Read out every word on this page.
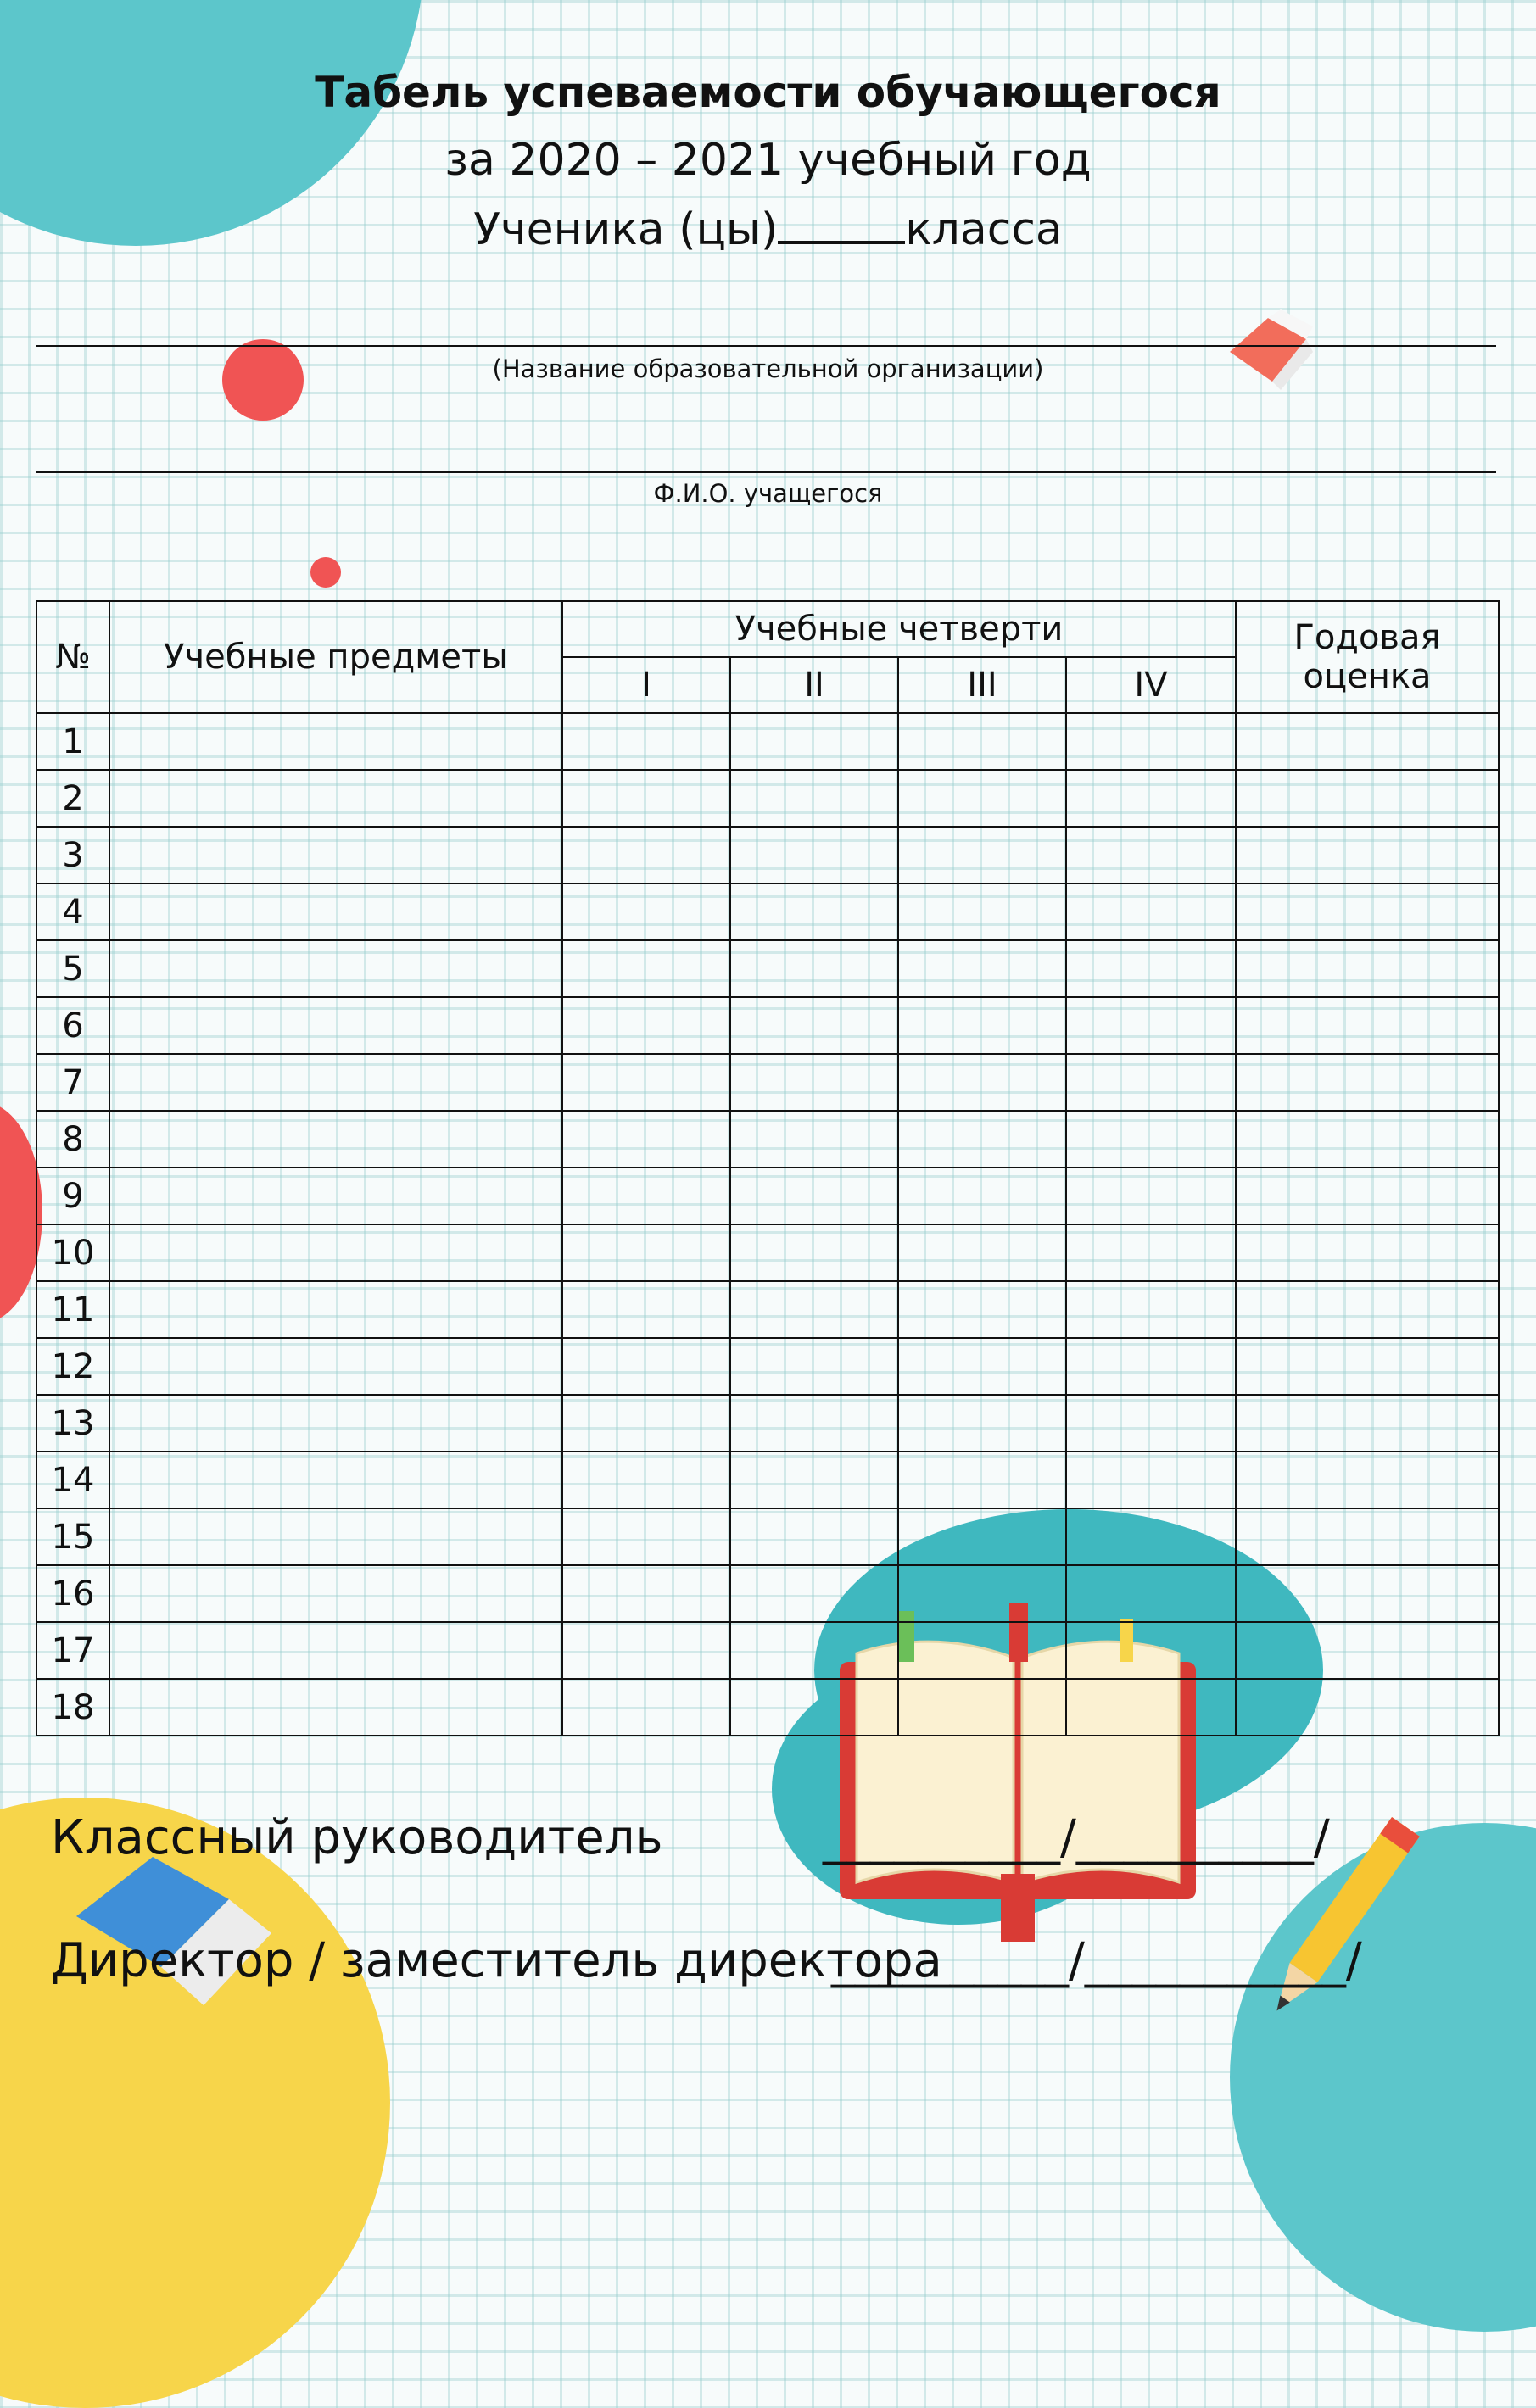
Табель успеваемости обучающегося
за 2020 – 2021 учебный год
Ученика (цы)	класса
(Название образовательной организации)
Ф.И.О. учащегося
№	Учебные предметы	Учебные четверти				Годовая
оценка

		I	II	III	IV	
1						
2						
3						
4						
5						
6						
7						
8						
9						
10						
11						
12						
13						
14						
15						
16						
17						
18						
Классный руководитель	__________/__________/
Директор / заместитель директора
__________/___________/
